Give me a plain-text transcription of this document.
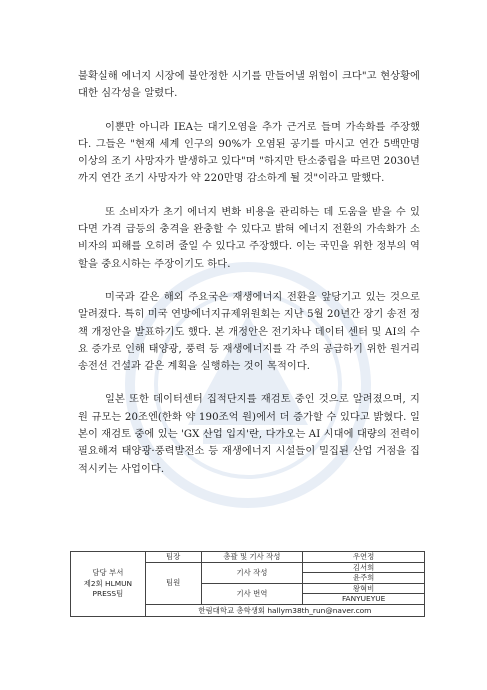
불확실해 에너지 시장에 불안정한 시기를 만들어낼 위험이 크다"고 현상황에 대한 심각성을 알렸다.

이뿐만 아니라 IEA는 대기오염을 추가 근거로 들며 가속화를 주장했다. 그들은 "현재 세계 인구의 90%가 오염된 공기를 마시고 연간 5백만명 이상의 조기 사망자가 발생하고 있다"며 "하지만 탄소중립을 따르면 2030년까지 연간 조기 사망자가 약 220만명 감소하게 될 것"이라고 말했다.

또 소비자가 초기 에너지 변화 비용을 관리하는 데 도움을 받을 수 있다면 가격 급등의 충격을 완충할 수 있다고 밝혀 에너지 전환의 가속화가 소비자의 피해를 오히려 줄일 수 있다고 주장했다. 이는 국민을 위한 정부의 역할을 중요시하는 주장이기도 하다.

미국과 같은 해외 주요국은 재생에너지 전환을 앞당기고 있는 것으로 알려졌다. 특히 미국 연방에너지규제위원회는 지난 5월 20년간 장기 송전 정책 개정안을 발표하기도 했다. 본 개정안은 전기차나 데이터 센터 및 AI의 수요 증가로 인해 태양광, 풍력 등 재생에너지를 각 주의 공급하기 위한 원거리 송전선 건설과 같은 계획을 실행하는 것이 목적이다.

일본 또한 데이터센터 집적단지를 재검토 중인 것으로 알려졌으며, 지원 규모는 20조엔(한화 약 190조억 원)에서 더 증가할 수 있다고 밝혔다. 일본이 재검토 중에 있는 'GX 산업 입지'란, 다가오는 AI 시대에 대량의 전력이 필요해져 태양광·풍력발전소 등 재생에너지 시설들이 밀집된 산업 거점을 집적시키는 사업이다.

담당 부서
제2회 HLMUN
PRESS팀	팀장	총괄 및 기사 작성	우연정
	팀원	기사 작성	김서희
			윤주희
		기사 번역	왕혁비
			FANYUEYUE
	한림대학교 총학생회 hallym38th_run@naver.com		
